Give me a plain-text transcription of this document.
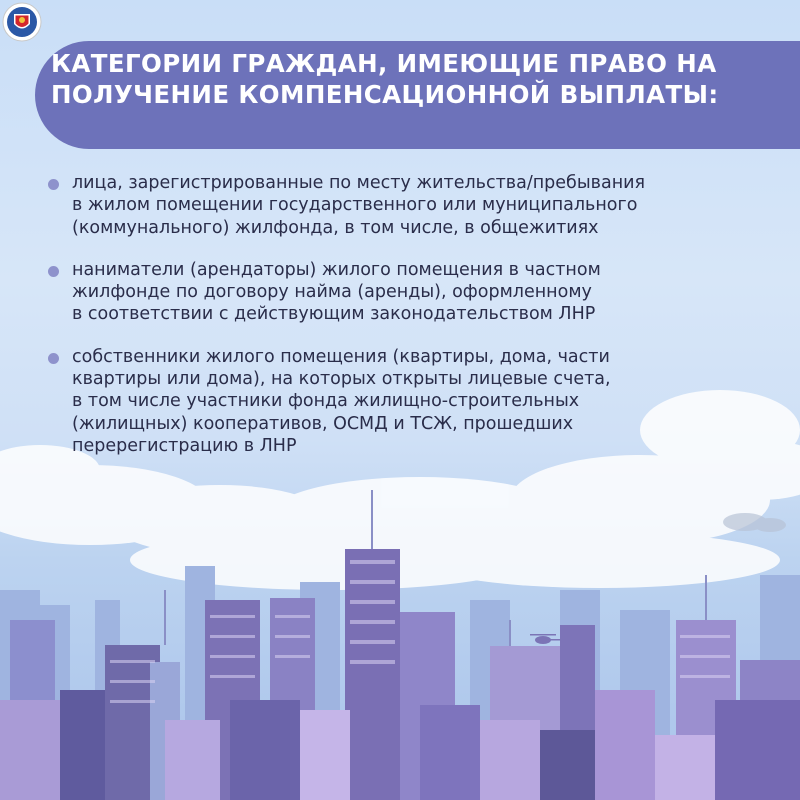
КАТЕГОРИИ ГРАЖДАН, ИМЕЮЩИЕ ПРАВО НА ПОЛУЧЕНИЕ КОМПЕНСАЦИОННОЙ ВЫПЛАТЫ:
лица, зарегистрированные по месту жительства/пребывания
в жилом помещении государственного или муниципального
(коммунального) жилфонда, в том числе, в общежитиях
наниматели (арендаторы) жилого помещения в частном
жилфонде по договору найма (аренды), оформленному
в соответствии с действующим законодательством ЛНР
собственники жилого помещения (квартиры, дома, части
квартиры или дома), на которых открыты лицевые счета,
в том числе участники фонда жилищно-строительных
(жилищных) кооперативов, ОСМД и ТСЖ, прошедших
перерегистрацию в ЛНР
